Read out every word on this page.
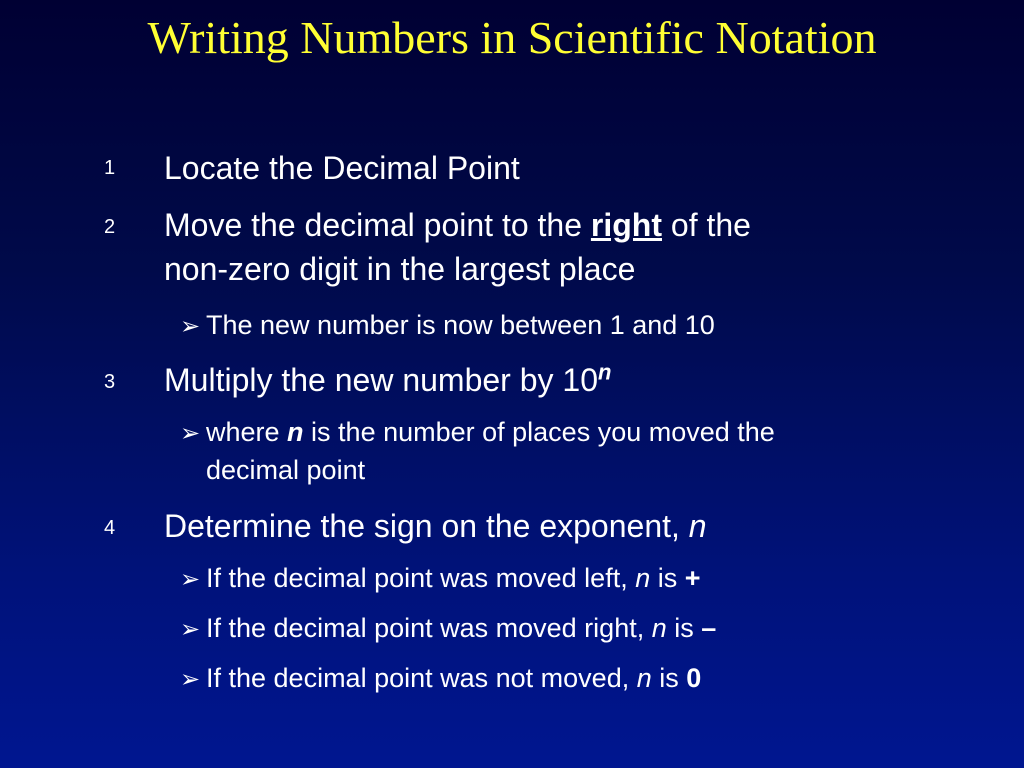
Writing Numbers in Scientific Notation
1 Locate the Decimal Point
2 Move the decimal point to the right of the
non-zero digit in the largest place
➢ The new number is now between 1 and 10
3 Multiply the new number by 10$^n$
➢ where n is the number of places you moved the
decimal point
4 Determine the sign on the exponent, n
➢ If the decimal point was moved left, n is +
➢ If the decimal point was moved right, n is –
➢ If the decimal point was not moved, n is 0
